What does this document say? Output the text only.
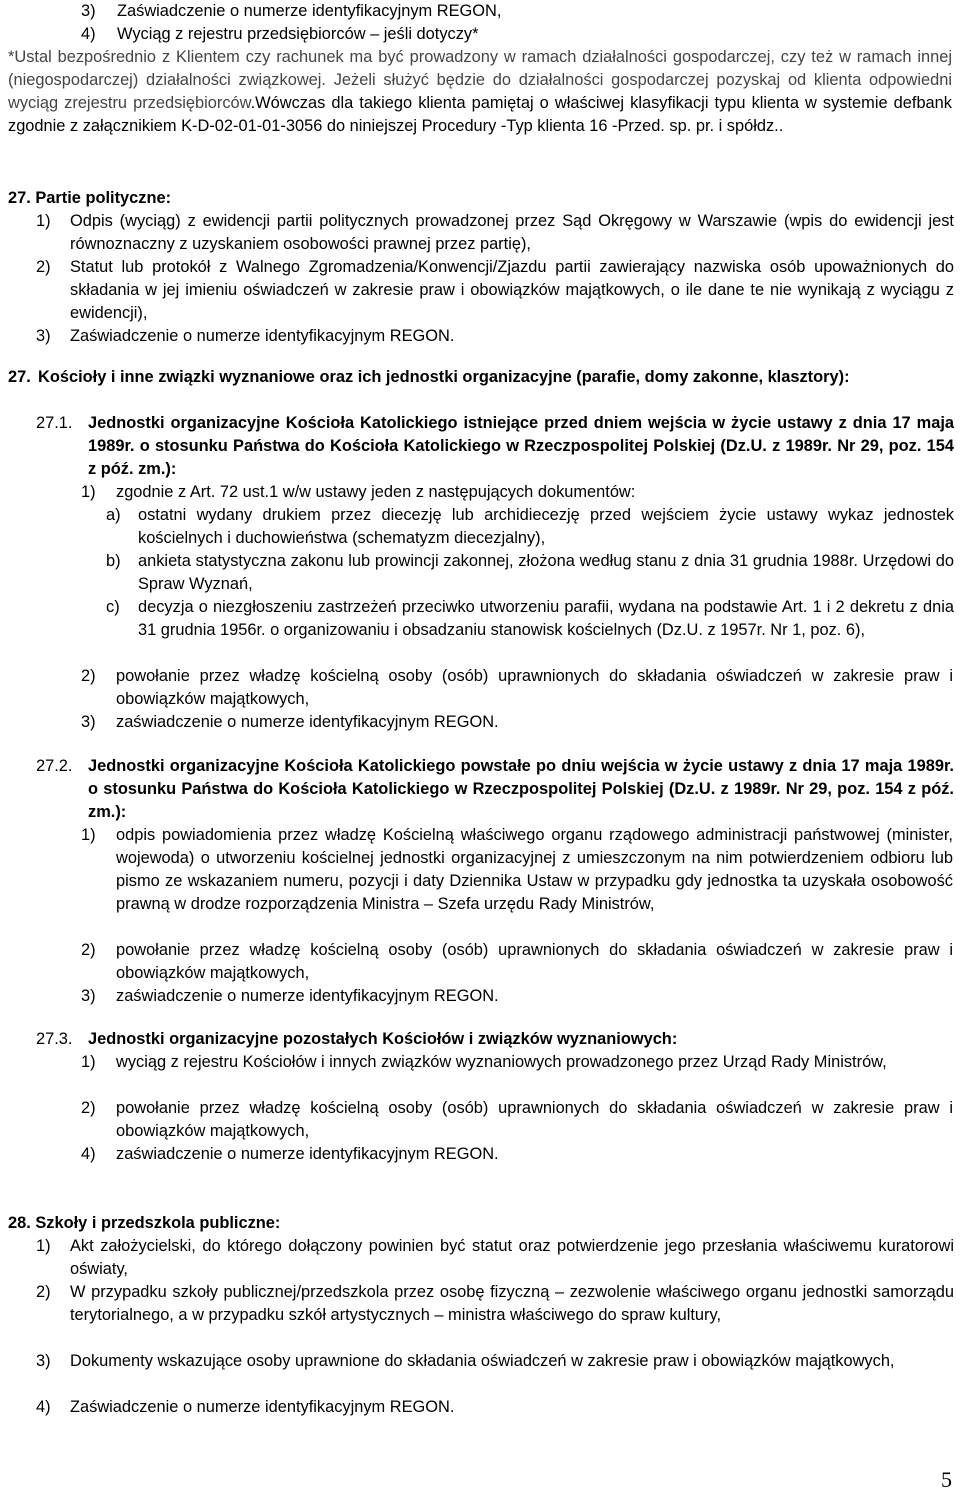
3)	Zaświadczenie o numerze identyfikacyjnym REGON,
4)	Wyciąg z rejestru przedsiębiorców – jeśli dotyczy*
*Ustal bezpośrednio z Klientem czy rachunek ma być prowadzony w ramach działalności gospodarczej, czy też w ramach innej (niegospodarczej) działalności związkowej. Jeżeli służyć będzie do działalności gospodarczej pozyskaj od klienta odpowiedni wyciąg zrejestru przedsiębiorców.Wówczas dla takiego klienta pamiętaj o właściwej klasyfikacji typu klienta w systemie defbank zgodnie z załącznikiem K-D-02-01-01-3056 do niniejszej Procedury -Typ klienta 16 -Przed. sp. pr. i spółdz..
27. Partie polityczne:
1)	Odpis (wyciąg) z ewidencji partii politycznych prowadzonej przez Sąd Okręgowy w Warszawie (wpis do ewidencji jest równoznaczny z uzyskaniem osobowości prawnej przez partię),
2)	Statut lub protokół z Walnego Zgromadzenia/Konwencji/Zjazdu partii zawierający nazwiska osób upoważnionych do składania w jej imieniu oświadczeń w zakresie praw i obowiązków majątkowych, o ile dane te nie wynikają z wyciągu z ewidencji),
3)	Zaświadczenie o numerze identyfikacyjnym REGON.
27. Kościoły i inne związki wyznaniowe oraz ich jednostki organizacyjne (parafie, domy zakonne, klasztory):
27.1. Jednostki organizacyjne Kościoła Katolickiego istniejące przed dniem wejścia w życie ustawy z dnia 17 maja 1989r. o stosunku Państwa do Kościoła Katolickiego w Rzeczpospolitej Polskiej (Dz.U. z 1989r. Nr 29, poz. 154 z póź. zm.):
1)	zgodnie z Art. 72 ust.1 w/w ustawy jeden z następujących dokumentów:
a)	ostatni wydany drukiem przez diecezję lub archidiecezję przed wejściem życie ustawy wykaz jednostek kościelnych i duchowieństwa (schematyzm diecezjalny),
b)	ankieta statystyczna zakonu lub prowincji zakonnej, złożona według stanu z dnia 31 grudnia 1988r. Urzędowi do Spraw Wyznań,
c)	decyzja o niezgłoszeniu zastrzeżeń przeciwko utworzeniu parafii, wydana na podstawie Art. 1 i 2 dekretu z dnia 31 grudnia 1956r. o organizowaniu i obsadzaniu stanowisk kościelnych (Dz.U. z 1957r. Nr 1, poz. 6),
2)	powołanie przez władzę kościelną osoby (osób) uprawnionych do składania oświadczeń w zakresie praw i obowiązków majątkowych,
3)	zaświadczenie o numerze identyfikacyjnym REGON.
27.2. Jednostki organizacyjne Kościoła Katolickiego powstałe po dniu wejścia w życie ustawy z dnia 17 maja 1989r. o stosunku Państwa do Kościoła Katolickiego w Rzeczpospolitej Polskiej (Dz.U. z 1989r. Nr 29, poz. 154 z póź. zm.):
1)	odpis powiadomienia przez władzę Kościelną właściwego organu rządowego administracji państwowej (minister, wojewoda) o utworzeniu kościelnej jednostki organizacyjnej z umieszczonym na nim potwierdzeniem odbioru lub pismo ze wskazaniem numeru, pozycji i daty Dziennika Ustaw w przypadku gdy jednostka ta uzyskała osobowość prawną w drodze rozporządzenia Ministra – Szefa urzędu Rady Ministrów,
2)	powołanie przez władzę kościelną osoby (osób) uprawnionych do składania oświadczeń w zakresie praw i obowiązków majątkowych,
3)	zaświadczenie o numerze identyfikacyjnym REGON.
27.3. Jednostki organizacyjne pozostałych Kościołów i związków wyznaniowych:
1)	wyciąg z rejestru Kościołów i innych związków wyznaniowych prowadzonego przez Urząd Rady Ministrów,
2)	powołanie przez władzę kościelną osoby (osób) uprawnionych do składania oświadczeń w zakresie praw i obowiązków majątkowych,
4)	zaświadczenie o numerze identyfikacyjnym REGON.
28. Szkoły i przedszkola publiczne:
1)	Akt założycielski, do którego dołączony powinien być statut oraz potwierdzenie jego przesłania właściwemu kuratorowi oświaty,
2)	W przypadku szkoły publicznej/przedszkola przez osobę fizyczną – zezwolenie właściwego organu jednostki samorządu terytorialnego, a w przypadku szkół artystycznych – ministra właściwego do spraw kultury,
3)	Dokumenty wskazujące osoby uprawnione do składania oświadczeń w zakresie praw i obowiązków majątkowych,
4)	Zaświadczenie o numerze identyfikacyjnym REGON.
5
